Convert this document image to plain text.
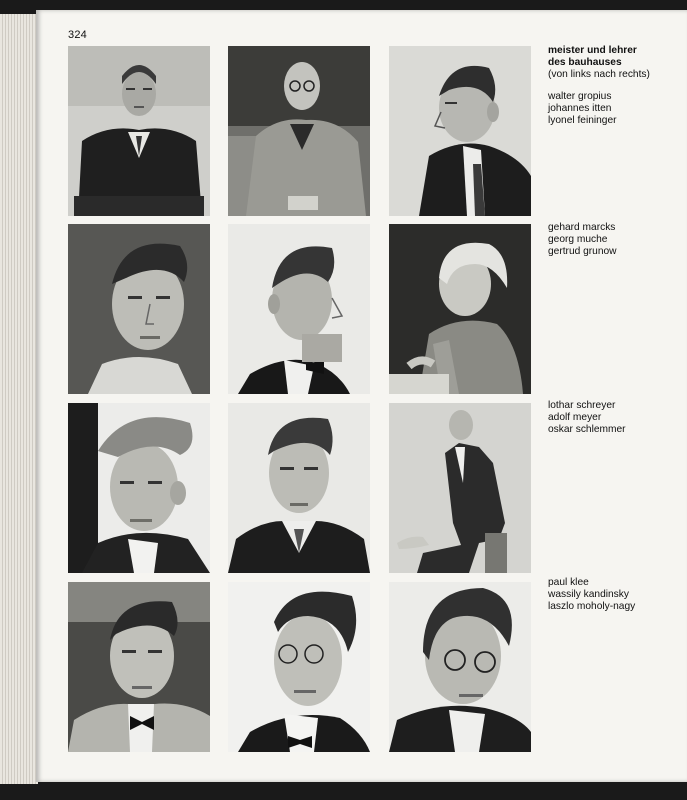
324
meister und lehrer
des bauhauses
(von links nach rechts)
walter gropius
johannes itten
lyonel feininger
gehard marcks
georg muche
gertrud grunow
lothar schreyer
adolf meyer
oskar schlemmer
paul klee
wassily kandinsky
laszlo moholy-nagy
